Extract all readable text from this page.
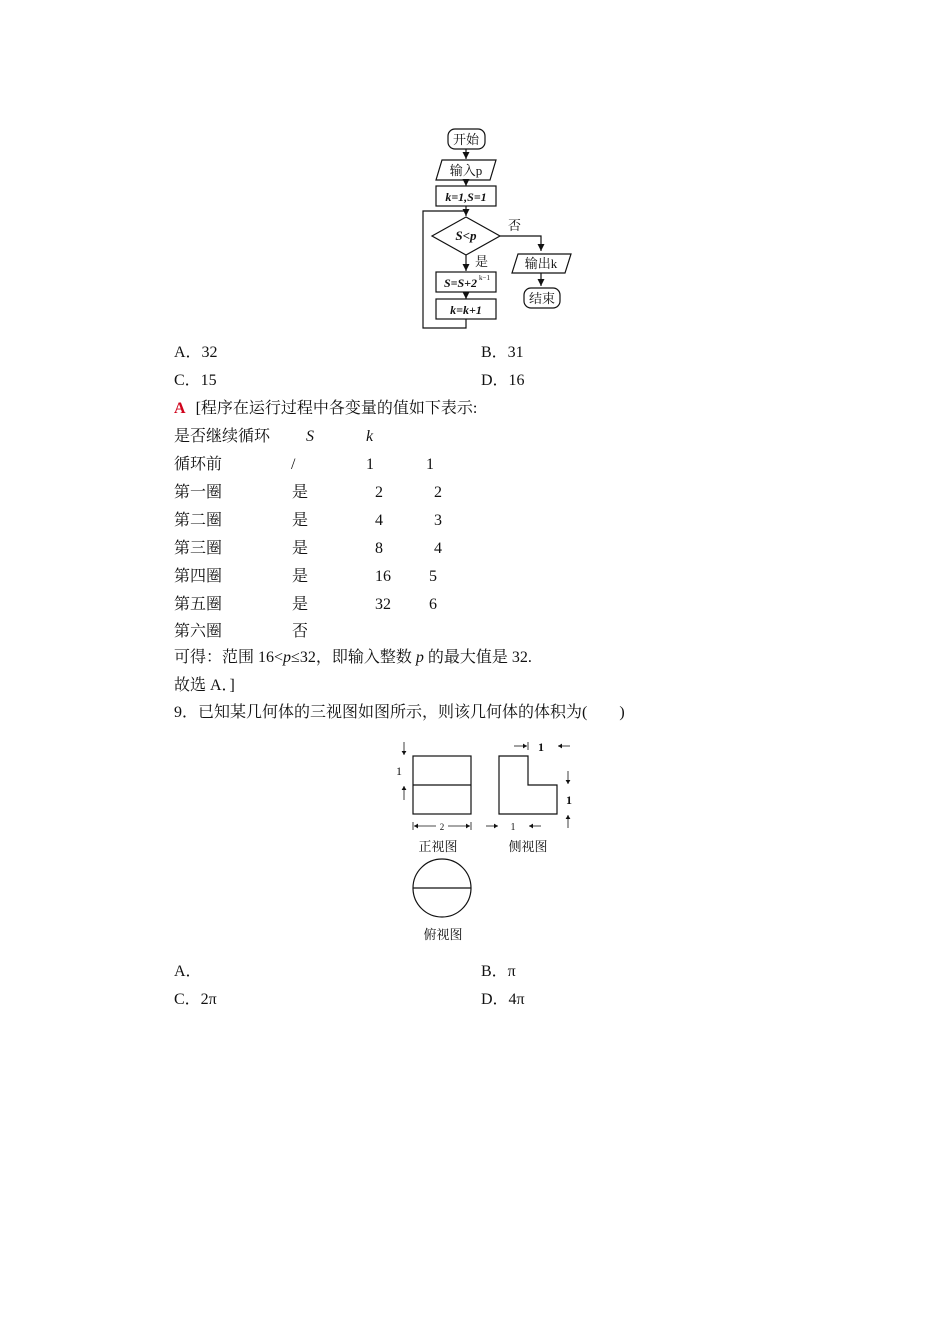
开始
输入p
k=1,S=1
S<p
否
是
S=S+2 k−1
k=k+1
输出k
结束
A．32	B．31
C．15	D．16
A [程序在运行过程中各变量的值如下表示:
是否继续循环 S	k
循环前	/	1	1
第一圈	是	2	2
第二圈	是	4	3
第三圈	是	8	4
第四圈	是	16 5
第五圈	是	32 6
第六圈	否
可得：范围 16<p≤32，即输入整数 p 的最大值是 32.
故选 A．]
9．已知某几何体的三视图如图所示，则该几何体的体积为(　　)
1
2
1
1
1
正视图	侧视图
俯视图
A．	B．π
C．2π	D．4π
